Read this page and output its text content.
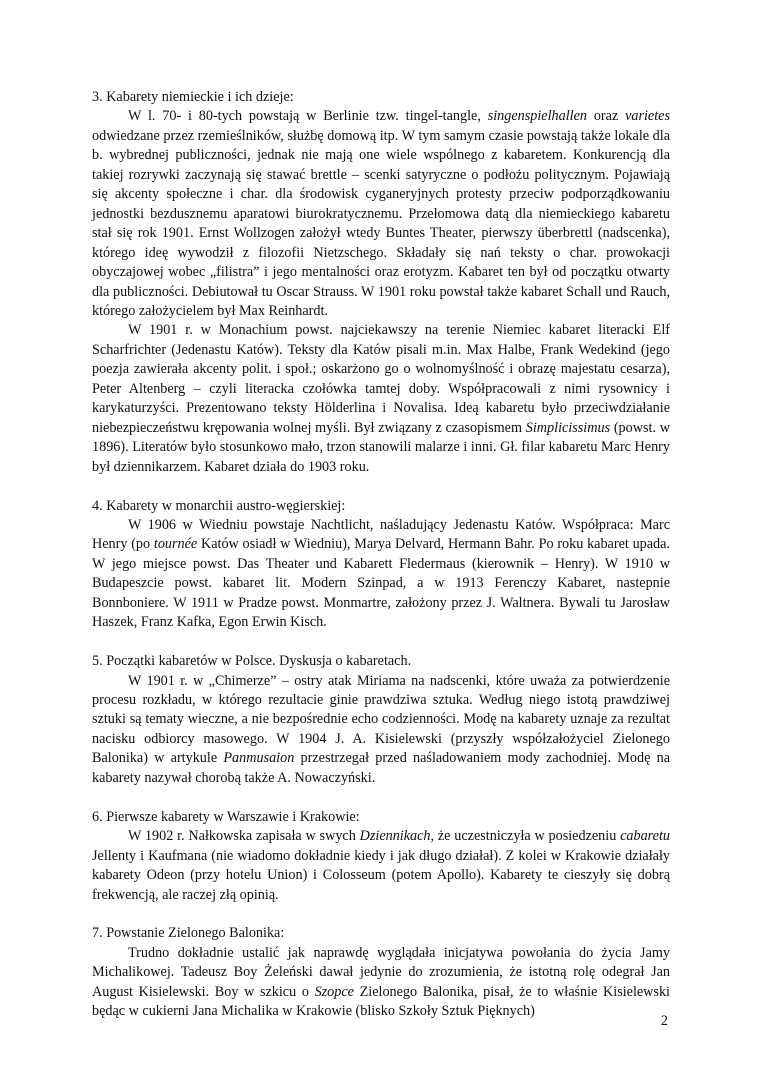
3. Kabarety niemieckie i ich dzieje:

W l. 70- i 80-tych powstają w Berlinie tzw. tingel-tangle, singenspielhallen oraz varietes odwiedzane przez rzemieślników, służbę domową itp. W tym samym czasie powstają także lokale dla b. wybrednej publiczności, jednak nie mają one wiele wspólnego z kabaretem. Konkurencją dla takiej rozrywki zaczynają się stawać brettle – scenki satyryczne o podłożu politycznym. Pojawiają się akcenty społeczne i char. dla środowisk cyganeryjnych protesty przeciw podporządkowaniu jednostki bezdusznemu aparatowi biurokratycznemu. Przełomowa datą dla niemieckiego kabaretu stał się rok 1901. Ernst Wollzogen założył wtedy Buntes Theater, pierwszy überbrettl (nadscenka), którego ideę wywodził z filozofii Nietzschego. Składały się nań teksty o char. prowokacji obyczajowej wobec „filistra” i jego mentalności oraz erotyzm. Kabaret ten był od początku otwarty dla publiczności. Debiutował tu Oscar Strauss. W 1901 roku powstał także kabaret Schall und Rauch, którego założycielem był Max Reinhardt.

W 1901 r. w Monachium powst. najciekawszy na terenie Niemiec kabaret literacki Elf Scharfrichter (Jedenastu Katów). Teksty dla Katów pisali m.in. Max Halbe, Frank Wedekind (jego poezja zawierała akcenty polit. i społ.; oskarżono go o wolnomyślność i obrazę majestatu cesarza), Peter Altenberg – czyli literacka czołówka tamtej doby. Współpracowali z nimi rysownicy i karykaturzyści. Prezentowano teksty Hölderlina i Novalisa. Ideą kabaretu było przeciwdziałanie niebezpieczeństwu krępowania wolnej myśli. Był związany z czasopismem Simplicissimus (powst. w 1896). Literatów było stosunkowo mało, trzon stanowili malarze i inni. Gł. filar kabaretu Marc Henry był dziennikarzem. Kabaret działa do 1903 roku.

4. Kabarety w monarchii austro-węgierskiej:

W 1906 w Wiedniu powstaje Nachtlicht, naśladujący Jedenastu Katów. Współpraca: Marc Henry (po tournée Katów osiadł w Wiedniu), Marya Delvard, Hermann Bahr. Po roku kabaret upada. W jego miejsce powst. Das Theater und Kabarett Fledermaus (kierownik – Henry). W 1910 w Budapeszcie powst. kabaret lit. Modern Szinpad, a w 1913 Ferenczy Kabaret, nastepnie Bonnboniere. W 1911 w Pradze powst. Monmartre, założony przez J. Waltnera. Bywali tu Jarosław Haszek, Franz Kafka, Egon Erwin Kisch.

5. Początki kabaretów w Polsce. Dyskusja o kabaretach.

W 1901 r. w „Chimerze” – ostry atak Miriama na nadscenki, które uważa za potwierdzenie procesu rozkładu, w którego rezultacie ginie prawdziwa sztuka. Według niego istotą prawdziwej sztuki są tematy wieczne, a nie bezpośrednie echo codzienności. Modę na kabarety uznaje za rezultat nacisku odbiorcy masowego. W 1904 J. A. Kisielewski (przyszły współzałożyciel Zielonego Balonika) w artykule Panmusaion przestrzegał przed naśladowaniem mody zachodniej. Modę na kabarety nazywał chorobą także A. Nowaczyński.

6. Pierwsze kabarety w Warszawie i Krakowie:

W 1902 r. Nałkowska zapisała w swych Dziennikach, że uczestniczyła w posiedzeniu cabaretu Jellenty i Kaufmana (nie wiadomo dokładnie kiedy i jak długo działał). Z kolei w Krakowie działały kabarety Odeon (przy hotelu Union) i Colosseum (potem Apollo). Kabarety te cieszyły się dobrą frekwencją, ale raczej złą opinią.

7. Powstanie Zielonego Balonika:

Trudno dokładnie ustalić jak naprawdę wyglądała inicjatywa powołania do życia Jamy Michalikowej. Tadeusz Boy Żeleński dawał jedynie do zrozumienia, że istotną rolę odegrał Jan August Kisielewski. Boy w szkicu o Szopce Zielonego Balonika, pisał, że to właśnie Kisielewski będąc w cukierni Jana Michalika w Krakowie (blisko Szkoły Sztuk Pięknych)

2
